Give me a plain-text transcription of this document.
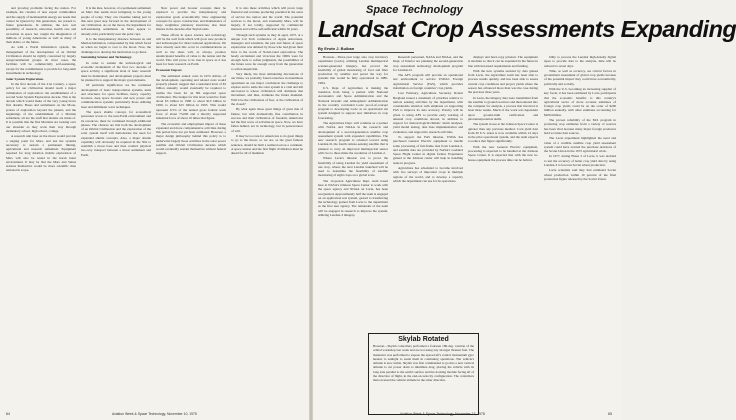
and growing problems facing the nation. For example, the creation of new export commodities and the supply of inexhaustible energy are needs that cannot be ignored by this generation, nor passed to future generations. In addition, the new real possibility of research, education, health care and recreation in space has caught the imagination of millions of young Americans as well as many of their elders, or the future.

As with a World Information system, the management of the development of an Orbital Civilization should be rightly concerned by largely nongovernmental groups. In most cases, the facilities will be commercially self-sustaining, except for the commitments to provide for long-term investments in technology.

Solar System Exploration.

In the first decade of the 21st Century, a space policy for our civilization should reach a major culmination of exploration: the establishment of a second Solar System Exploration decade. This is the decade which would make of the very young brave first dreams. Bases and settlements on the Moon, probes of exploration beyond the planets, and the beginnings of the establishment of a Martian settlement, all are the stuff that dreams are made of. It is possible that the first Martians are looking over our shoulder as they work their way through elementary school, high school, college.

A research unit base on the moon would provide a staging point for Mars, and test the systems necessary to sustain a permanent mining, agricultural and research settlement. Equipment required for long duration mobile exploration of Mars will also be tested in the harsh lunar environment. It may be that the Mars and Venus stations themselves would be more scientific than national in scope.

It is the idea, however, of a permanent settlement on Mars that seems most intriguing to the young people of today. They can visualize taking part in this next great step forward in the development of our civilization. As on the moon, the ingredients for self-sustaining settlements on Mars appear to already exist, particularly near the polar caps.

It is the interplanetary distance between us and Martian habitation, compounded by that which faced us when we began to race to the moon. Now, the challenge is to develop the motivation to go there.

Sustaining Science and Technology.

In order to sustain the technological and economic momentum of the first two decades of space activity, a significant level of basic research must be maintained, and development projects must be planned in to support the major goal elements.

Of particular significance are the continued development of basic transportation systems, units and structures for space facilities, heavy capacity boosters, deep space boosters and new power and communication systems particularly those utilizing laser and millimeter wave techniques.

The space shuttle concept, for economical personnel access to the near-Earth environment and its resources, must be continued through additional phases. The chances are that both the development of an Orbital Civilization and the exploration of the solar system itself will demonstrate the need for expanded shuttle concepts. Also, a major shuttle capability will obviously be required in the '90s to establish a moon base and then conduct physical two-way transport between a moon settlement and Earth.

New power and booster concepts must be explored to provide the interplanetary and exploration goals economically. New engineering concepts for space construction, and maintenance of large weightless planetary structures, also must mature in the decades after Skylab ends.

These efforts in space science and technology will be the well from which will grow new products and technologies for direct national applications. We have already seen this occur in communications as well as the ideas will, as always, produce unanticipated benefits of value to the nation and the world. This will prove to be true in space as it has been for basic research on Earth.

Economic Impact.

The estimated annual costs in 1974 dollars, of the development, operating and related costs would properly phased, suggest that a sustained level of $3 billion annually would eventually be required to realize the basis for an 8th supported space civilization. The budget for this level would be from about $3 billion in 1980 to about $10 billion in 1990, to about $15 billion in 1995. This would represent 0.5% of the annual gross federal work force of about 75,000 and a directly supported industrial force of about 10 times that figure.

The economic and employment impact of these expanded and more comprehensive activities during this period have not yet been estimated. However, a major design philosophy behind this policy is to underwrite largely those activities in the solar power satellite and Orbital Civilization decades which would eventually sustain themselves without federal support.

It is also these activities which will prove large financial and revenue producing potential in the areas of service the nation and the world. The potential services to the moon, and eventually Mars, will be largely, if not totally, supported by commercial interests and will be self-sufficient within 50 years.

Through such systems as they in aged, 1975, at a unique Cal Tech conference of Apple Astronauts, managers and scientists, the past and future of space exploration was debated by those who had given their lives to the words of Nobel-rated exploration. The heady excitement and vivacious the 1960s were far enough back to soften judgments, the possibilities of the future were far enough away from the generation to soften skepticism.

Very likely, the most stimulating discussions of our times, we probably found ourselves in unanimous agreement on one major conclusion: the challenge to explore and to settle the solar system is a vital and left uncovered is whose civilization will dominate that movement, and thus, dominate the future mankind. Will it be the civilization of free, or the civilization of the closed?

By what again those great things of great risk of failure, but with dramatically fine contribution in success and their civilization of freedom, Americans led the first wave of activities in space. Now, we have fallen behind, not in technology, but in perseverance of will.

It may be too late for Americans to do great things to go to the moon, so we are, as the great famous sentence, should be built a realized across a continent. A space station and the first flight civilization must be ahead for all of mankind.

64	Aviation Week & Space Technology, November 10, 1975
Space Technology
Landsat Crop Assessments Expanding
By Erwin J. Bulban

Houston—Three-year large area crop inventory experiment (Lacie), utilizing Landsat multispectral scanner-generated imagery, has proved the feasibility of global monitoring of food and fiber production by satellite and paved the way for systems that would be fully operational in 1980-1984.

U.S. Dept. of Agriculture is making the transition from being a partner with National Aeronautics and Space Administration and the National Oceanic and Atmospheric Administration in the recently concluded Lacie proof-of-concept program to developing Lacie as an operational ten system designed to support new initiatives in crop forecasting.

The Agriculture Dept. will continue as a partner with NASA and NOAA in the research and development of a second-generation satellite crop assessment system with expanded capabilities. The new research program is oriented toward using Landsat-D, the fourth remote-sensing satellite that is planned to carry an improved multispectral sensor with two to three times the resolution of Landsat-2.

Where Lacie's mission was to prove the feasibility of using Landsat for yield assessment of one crop, wheat, the next Landsat launched will be used to determine the feasibility of satellite monitoring of eight crops on a global scale.

The 12-person Agriculture Dept. team based here at NASA's Johnson Space Center to work with the space agency and NOAA on Lacie, has been reorganized. Approximately half the team is engaged on an application test system, geared to transferring the technology gained from Lacie to the department as the first user agency. The remainder of the team will be engaged in research to improve the system, utilizing Landsat-3 imagery.

Research personnel, NASA and NOAA, and the Dept. of Interior are planning the second-generation crop assessment technology development program for Landsat-D.

The AFS program will provide an operational test environment to service USDA's Foreign Agricultural Service (FAS), which provides information on foreign countries' crop yields.

Last February, Agriculture Secretary Robert Bergland issued a statement of priorities relative to remote sensing activities by the department, with considerable attention with emphasis on supporting FAS to improve its data accuracy. Priority will be given to using AFS to provide early warning of unusual crop conditions abroad, in addition to support for meteorological/climatic alarm analyses, yield model testing, data base implementation and evaluation, and supportive research activities.

To support the FAS mission, USDA has purchased General Electric equipment to handle some processing of full-frame data from Landsat-2, and satellite data are provided by NASA's Goddard Space Flight Center in digital format. Experience gained at the Johnson center will help in handling tasks in progress.

Agriculture has scheduled to become involved with two surveys of important crops in multiple regions of the world, and to develop a capacity which the department can use for its operations.

displays and hard-copy printout. The equipment is modular so that it can be expanded in the future in line with increased requirements and funding.

With the new systems assisted by data gained from Lacie, the Agriculture team has been able to process results quickly, and has been able to assess current crop conditions and project yields where the season has advanced more than was the case during the previous three years.

In Lacie, the imagery data were transmitted from the satellite to ground receivers and then entered into the computer for analysis, a process that involved at least three weeks. Much of the work was dependent upon ground-truth verification and photointerpretation skills.

The system in use at the Johnson Space Center is quicker than any previous method. Corn yield data from 30 U.S. states is now available within 14 days in the pilot operational system, and the team expects to reduce that figure significantly.

With the new General Electric equipment, processing is expected to be handled at the Johnson Space Center. It is expected that with the new in-house equipment the process time can be halved.

bility to process the Landsat high-density digital tapes to provide data to the analysts, time will be reduced to seven days.

Time, as well as accuracy, are critical factors in government assessment of global crop yields because of the potential impact they could have economically, politically and socially.

With the U.S. becoming an increasing supplier of key foods, it has been estimated by Lacie participants that the economic benefits to this country's agricultural sector of more accurate estimates of foreign crop yields could be on the order of $200 million annually, with other estimates accounting for $200 million.

The proven reliability of the FAS program in producing crop estimates from a variety of sources has been vital because many major foreign producers hold accurate data sources.

The Lacie experiment highlighted the need and value of a credible satellite crop yield assessment system could have averted the purchase decisions of the Soviet Union in the 1972 agricultural crisis.

In 1977, during Phase 3 of Lacie, it was decided to test the accuracy of better crop yield data by using Landsat-3 to forecast Soviet wheat production.

Lacie scientists said they had estimated Soviet wheat production within 10 percent of the final production figure released by the Soviet Union.

Skylab Rotated
Houston—Skylab controllers performed a fourteen 180-deg. rotation of the orbital workshop last week and are not using any stronger thruster fuel. The maneuver was performed to expose the spacecraft's control momentum gyro heaters to sunlight to assist them in continuing operations. The vehicle's attitude is now stable. Skylab was first commanded to go into a new vertical attitude to cut power drain to minimize drag, placing the vehicle with its long axis parallel to the earth's surface and the docking module facing aft of the direction of flight, in the end-on-velocity configuration. The controllers then reversed the vehicle attitude in the other direction.
Aviation Week & Space Technology, November 13, 1978	65
